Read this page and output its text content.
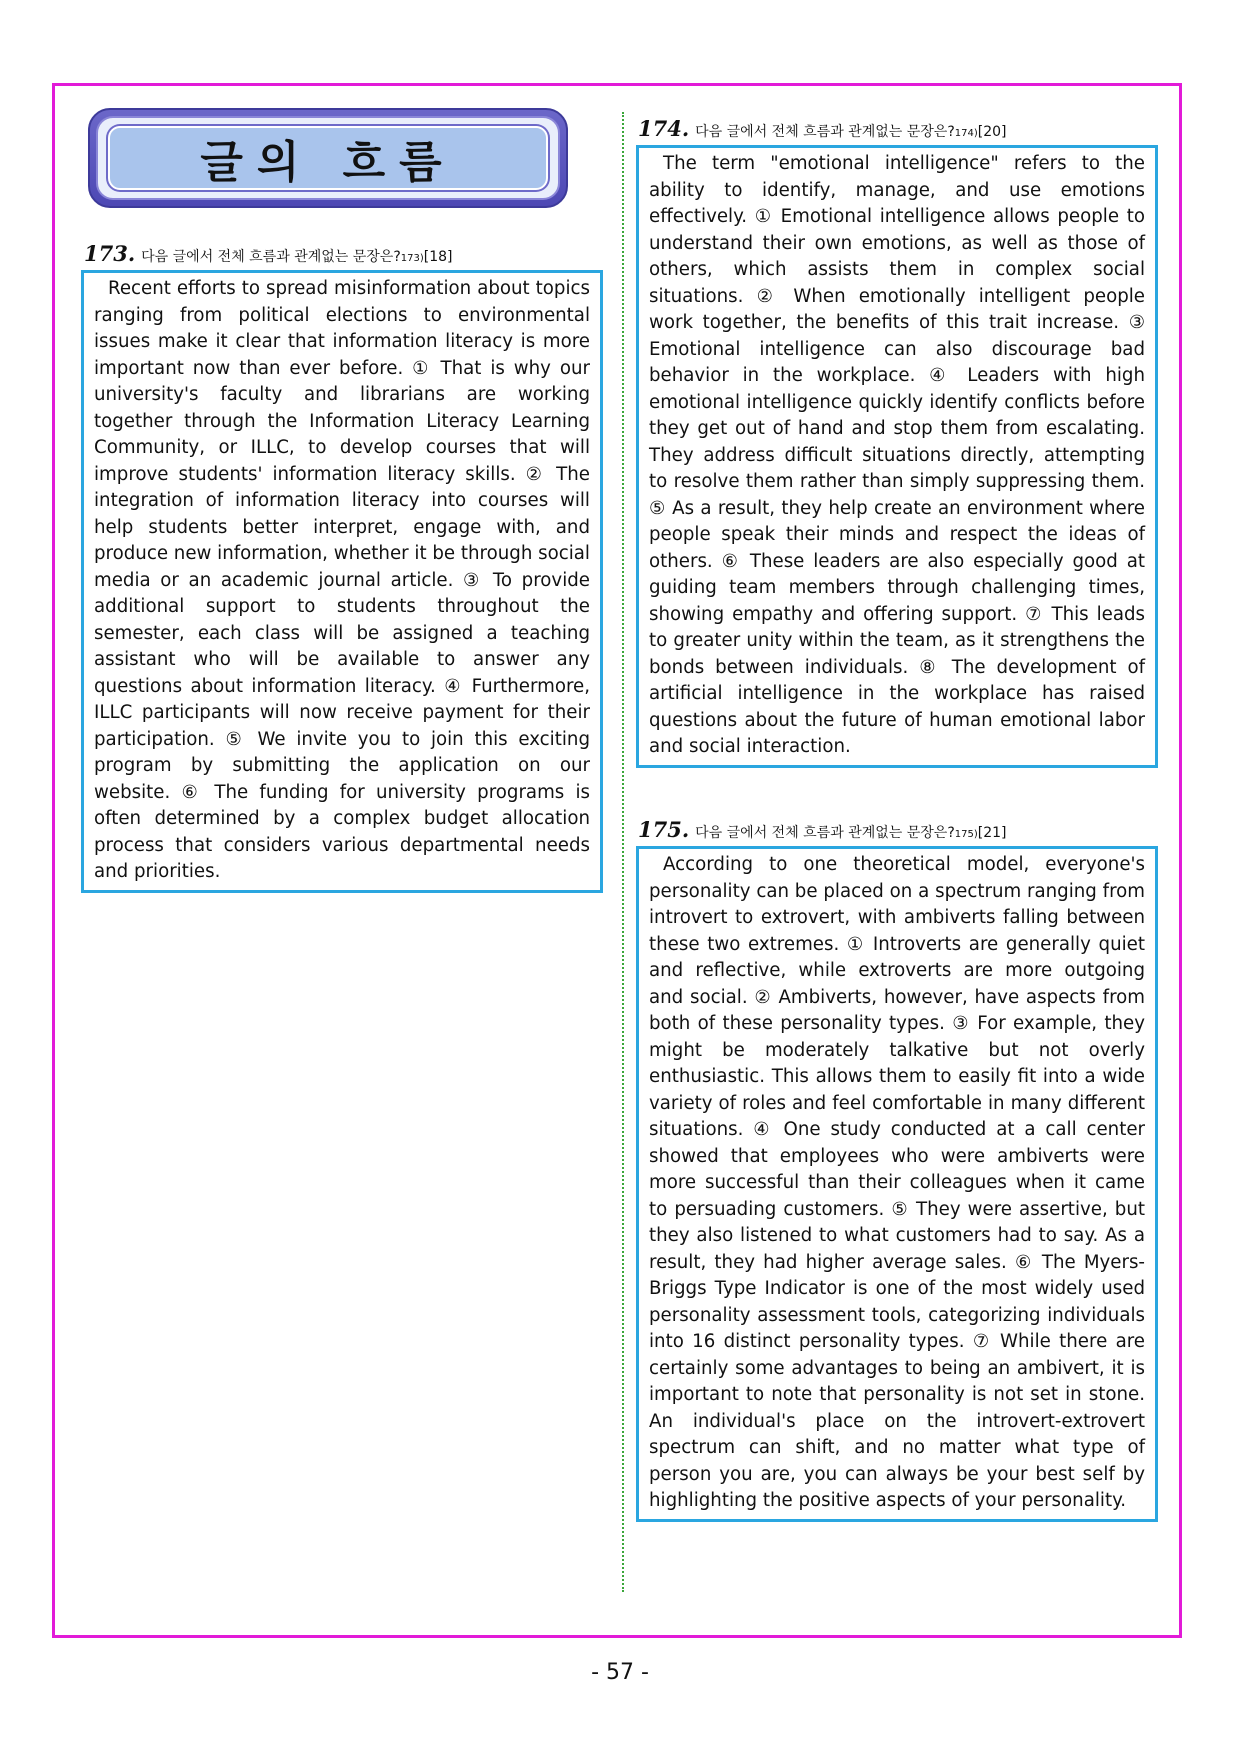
글의 흐름
173. 다음 글에서 전체 흐름과 관계없는 문장은? 173) [18]
Recent efforts to spread misinformation about topics ranging from political elections to environmental issues make it clear that information literacy is more important now than ever before. ① That is why our university's faculty and librarians are working together through the Information Literacy Learning Community, or ILLC, to develop courses that will improve students' information literacy skills. ② The integration of information literacy into courses will help students better interpret, engage with, and produce new information, whether it be through social media or an academic journal article. ③ To provide additional support to students throughout the semester, each class will be assigned a teaching assistant who will be available to answer any questions about information literacy. ④ Furthermore, ILLC participants will now receive payment for their participation. ⑤ We invite you to join this exciting program by submitting the application on our website. ⑥ The funding for university programs is often determined by a complex budget allocation process that considers various departmental needs and priorities.
174. 다음 글에서 전체 흐름과 관계없는 문장은? 174) [20]
The term "emotional intelligence" refers to the ability to identify, manage, and use emotions effectively. ① Emotional intelligence allows people to understand their own emotions, as well as those of others, which assists them in complex social situations. ② When emotionally intelligent people work together, the benefits of this trait increase. ③ Emotional intelligence can also discourage bad behavior in the workplace. ④ Leaders with high emotional intelligence quickly identify conflicts before they get out of hand and stop them from escalating. They address difficult situations directly, attempting to resolve them rather than simply suppressing them. ⑤ As a result, they help create an environment where people speak their minds and respect the ideas of others. ⑥ These leaders are also especially good at guiding team members through challenging times, showing empathy and offering support. ⑦ This leads to greater unity within the team, as it strengthens the bonds between individuals. ⑧ The development of artificial intelligence in the workplace has raised questions about the future of human emotional labor and social interaction.
175. 다음 글에서 전체 흐름과 관계없는 문장은? 175) [21]
According to one theoretical model, everyone's personality can be placed on a spectrum ranging from introvert to extrovert, with ambiverts falling between these two extremes. ① Introverts are generally quiet and reflective, while extroverts are more outgoing and social. ② Ambiverts, however, have aspects from both of these personality types. ③ For example, they might be moderately talkative but not overly enthusiastic. This allows them to easily fit into a wide variety of roles and feel comfortable in many different situations. ④ One study conducted at a call center showed that employees who were ambiverts were more successful than their colleagues when it came to persuading customers. ⑤ They were assertive, but they also listened to what customers had to say. As a result, they had higher average sales. ⑥ The Myers-Briggs Type Indicator is one of the most widely used personality assessment tools, categorizing individuals into 16 distinct personality types. ⑦ While there are certainly some advantages to being an ambivert, it is important to note that personality is not set in stone. An individual's place on the introvert-extrovert spectrum can shift, and no matter what type of person you are, you can always be your best self by highlighting the positive aspects of your personality.
- 57 -
